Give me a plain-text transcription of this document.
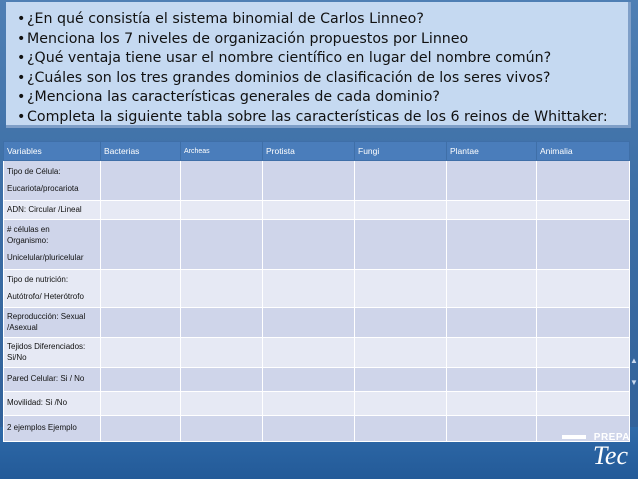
• ¿En qué consistía el sistema binomial de Carlos Linneo?
• Menciona los 7 niveles de organización propuestos por Linneo
• ¿Qué ventaja tiene usar el nombre científico en lugar del nombre común?
• ¿Cuáles son los tres grandes dominios de clasificación de los seres vivos?
• ¿Menciona las características generales de cada dominio?
• Completa la siguiente tabla sobre las características de los 6 reinos de Whittaker:
Variables	Bacterias	Archeas	Protista	Fungi	Plantae	Animalia

Tipo de Célula:
Eucariota/procariota						

ADN: Circular /Lineal						

# células en
Organismo:
Unicelular/pluricelular						

Tipo de nutrición:
Autótrofo/ Heterótrofo						

Reproducción: Sexual
/Asexual						

Tejidos Diferenciados:
Si/No						

Pared Celular: Si / No						

Movilidad: Si /No						

2 ejemplos Ejemplo						

▲
▼
PREPA
Tec
